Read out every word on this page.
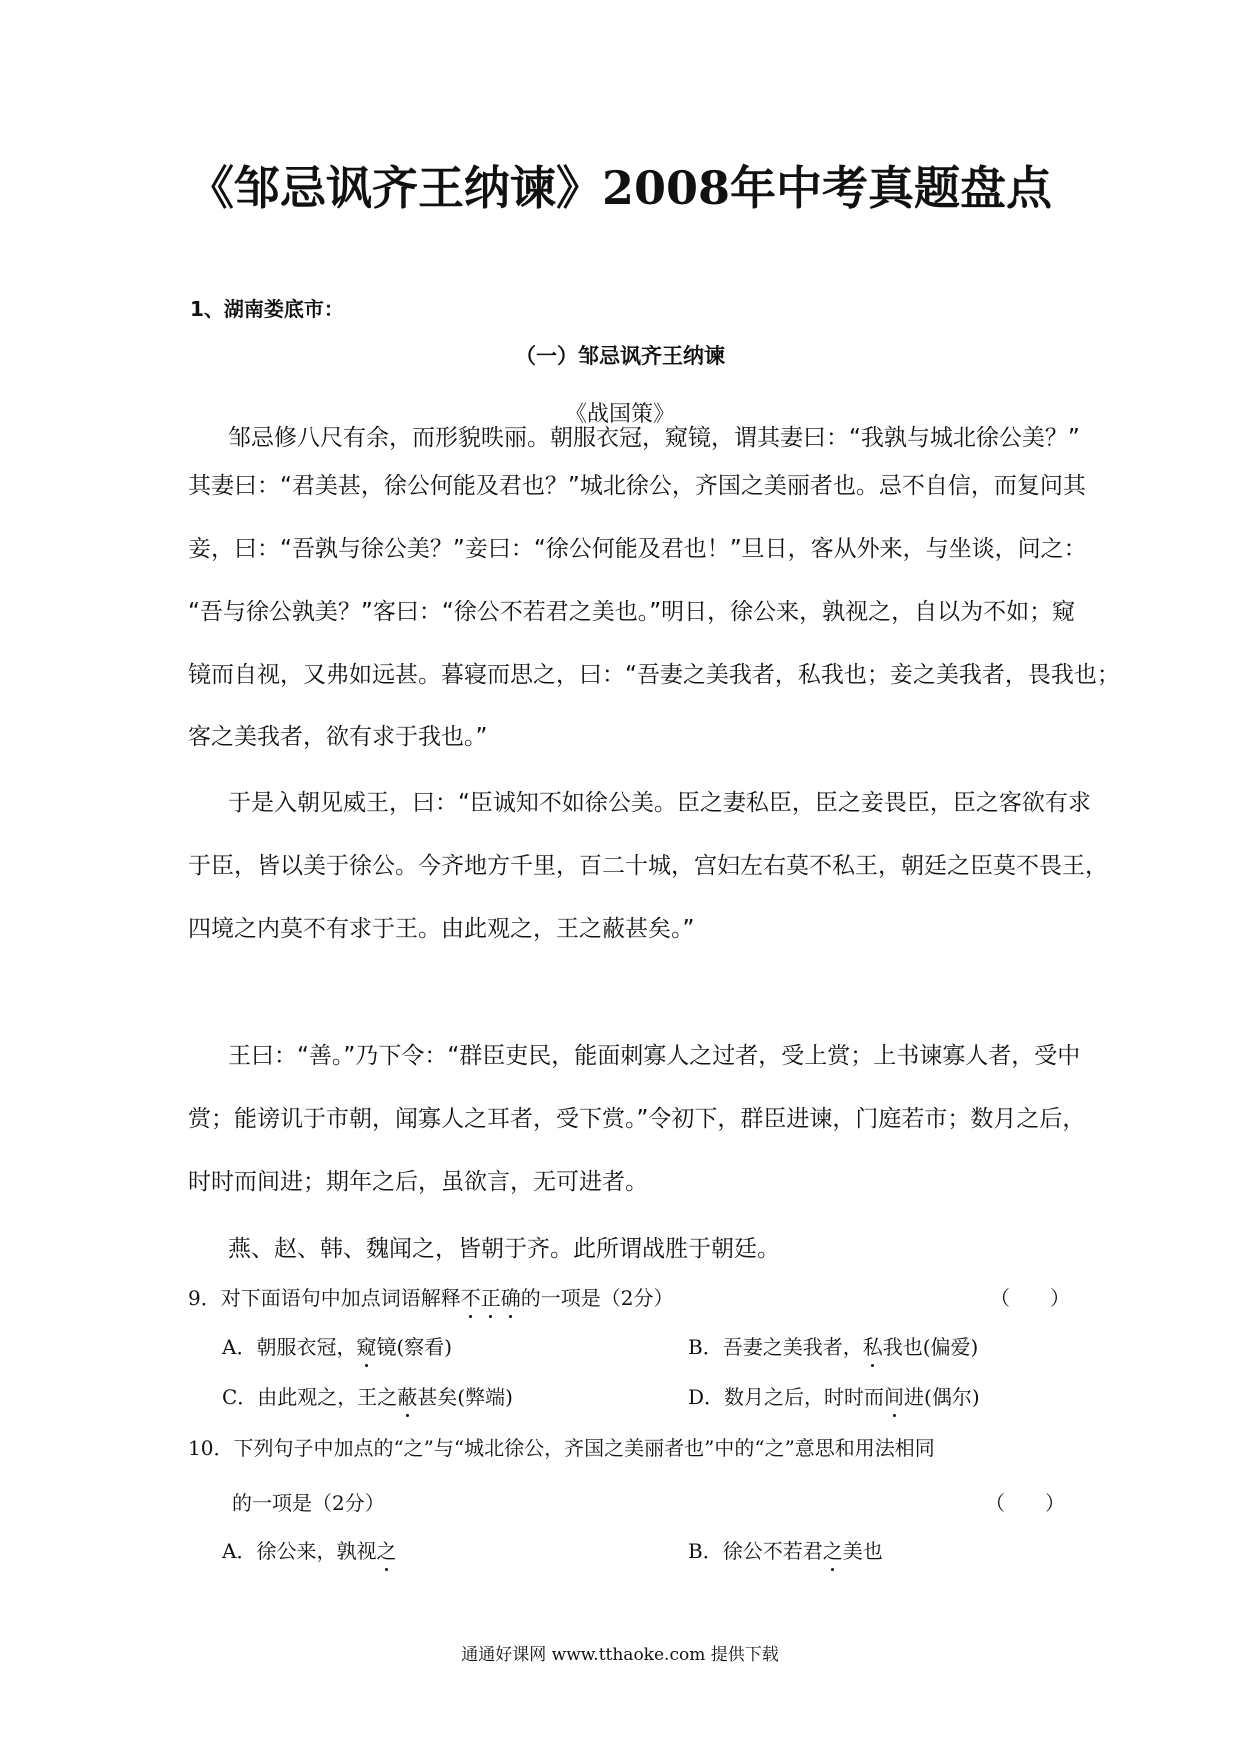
《邹忌讽齐王纳谏》2008年中考真题盘点
1、湖南娄底市：
（一）邹忌讽齐王纳谏
《战国策》
邹忌修八尺有余，而形貌昳丽。朝服衣冠，窥镜，谓其妻曰：“我孰与城北徐公美？”
其妻曰：“君美甚，徐公何能及君也？”城北徐公，齐国之美丽者也。忌不自信，而复问其
妾，曰：“吾孰与徐公美？”妾曰：“徐公何能及君也！”旦日，客从外来，与坐谈，问之：
“吾与徐公孰美？”客曰：“徐公不若君之美也。”明日，徐公来，孰视之，自以为不如；窥
镜而自视，又弗如远甚。暮寝而思之，曰：“吾妻之美我者，私我也；妾之美我者，畏我也；
客之美我者，欲有求于我也。”
于是入朝见威王，曰：“臣诚知不如徐公美。臣之妻私臣，臣之妾畏臣，臣之客欲有求
于臣，皆以美于徐公。今齐地方千里，百二十城，宫妇左右莫不私王，朝廷之臣莫不畏王，
四境之内莫不有求于王。由此观之，王之蔽甚矣。”
王曰：“善。”乃下令：“群臣吏民，能面刺寡人之过者，受上赏；上书谏寡人者，受中
赏；能谤讥于市朝，闻寡人之耳者，受下赏。”令初下，群臣进谏，门庭若市；数月之后，
时时而间进；期年之后，虽欲言，无可进者。
燕、赵、韩、魏闻之，皆朝于齐。此所谓战胜于朝廷。
9．对下面语句中加点词语解释不正确的一项是（2分）	（　　）
A．朝服衣冠，窥镜(察看)	B．吾妻之美我者，私我也(偏爱)
C．由此观之，王之蔽甚矣(弊端)	D．数月之后，时时而间进(偶尔)
10．下列句子中加点的“之”与“城北徐公，齐国之美丽者也”中的“之”意思和用法相同
的一项是（2分）	（　　）
A．徐公来，孰视之	B．徐公不若君之美也
通通好课网 www.tthaoke.com 提供下载
